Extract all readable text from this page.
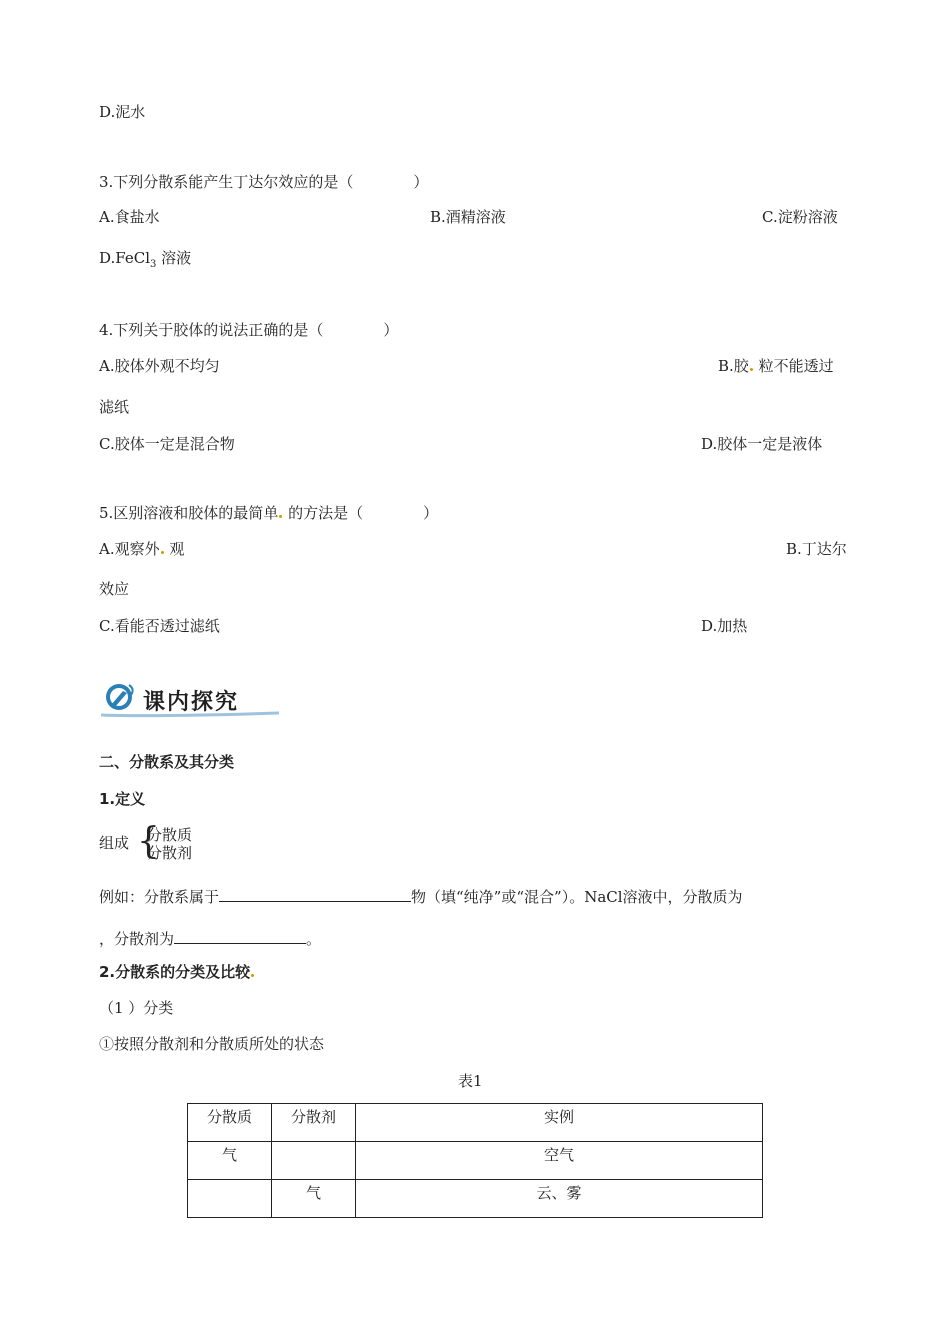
D.泥水
3.下列分散系能产生丁达尔效应的是（　　　　）
A.食盐水	B.酒精溶液	C.淀粉溶液
D.FeCl$_3$ 溶液
4.下列关于胶体的说法正确的是（　　　　）
A.胶体外观不均匀	B.胶 粒不能透过
滤纸
C.胶体一定是混合物	D.胶体一定是液体
5.区别溶液和胶体的最简单 的方法是（　　　　）
A.观察外 观	B.丁达尔
效应
C.看能否透过滤纸	D.加热
课内探究
二、分散系及其分类
1.定义
组成 {
分散质
分散剂
例如：分散系属于	物（填“纯净”或“混合”）。NaCl溶液中，分散质为
，分散剂为	。
2.分散系的分类及比较
（1 ）分类
①按照分散剂和分散质所处的状态
表1
分散质	分散剂	实例
气		空气
	气	云、雾
